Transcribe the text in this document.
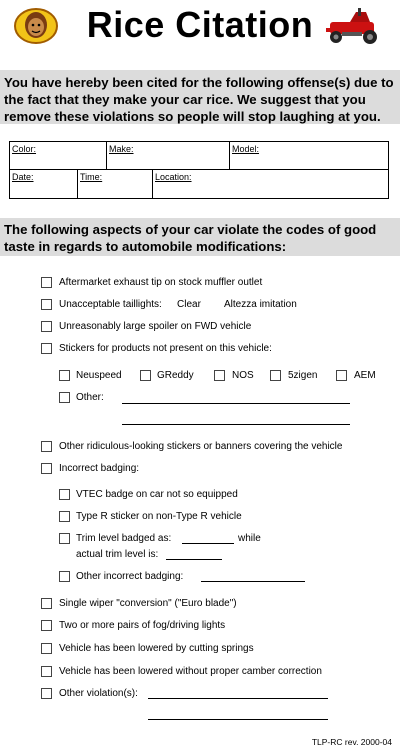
Rice Citation
You have hereby been cited for the following offense(s) due to the fact that they make your car rice. We suggest that you remove these violations so people will stop laughing at you.
Color:	Make:	Model:
Date:	Time:	Location:
The following aspects of your car violate the codes of good taste in regards to automobile modifications:
Aftermarket exhaust tip on stock muffler outlet
Unacceptable taillights: Clear Altezza imitation
Unreasonably large spoiler on FWD vehicle
Stickers for products not present on this vehicle:
Neuspeed	GReddy	NOS	5zigen	AEM
Other:
Other ridiculous-looking stickers or banners covering the vehicle
Incorrect badging:
VTEC badge on car not so equipped
Type R sticker on non-Type R vehicle
Trim level badged as:	while
actual trim level is:
Other incorrect badging:
Single wiper "conversion" ("Euro blade")
Two or more pairs of fog/driving lights
Vehicle has been lowered by cutting springs
Vehicle has been lowered without proper camber correction
Other violation(s):
TLP-RC rev. 2000-04
